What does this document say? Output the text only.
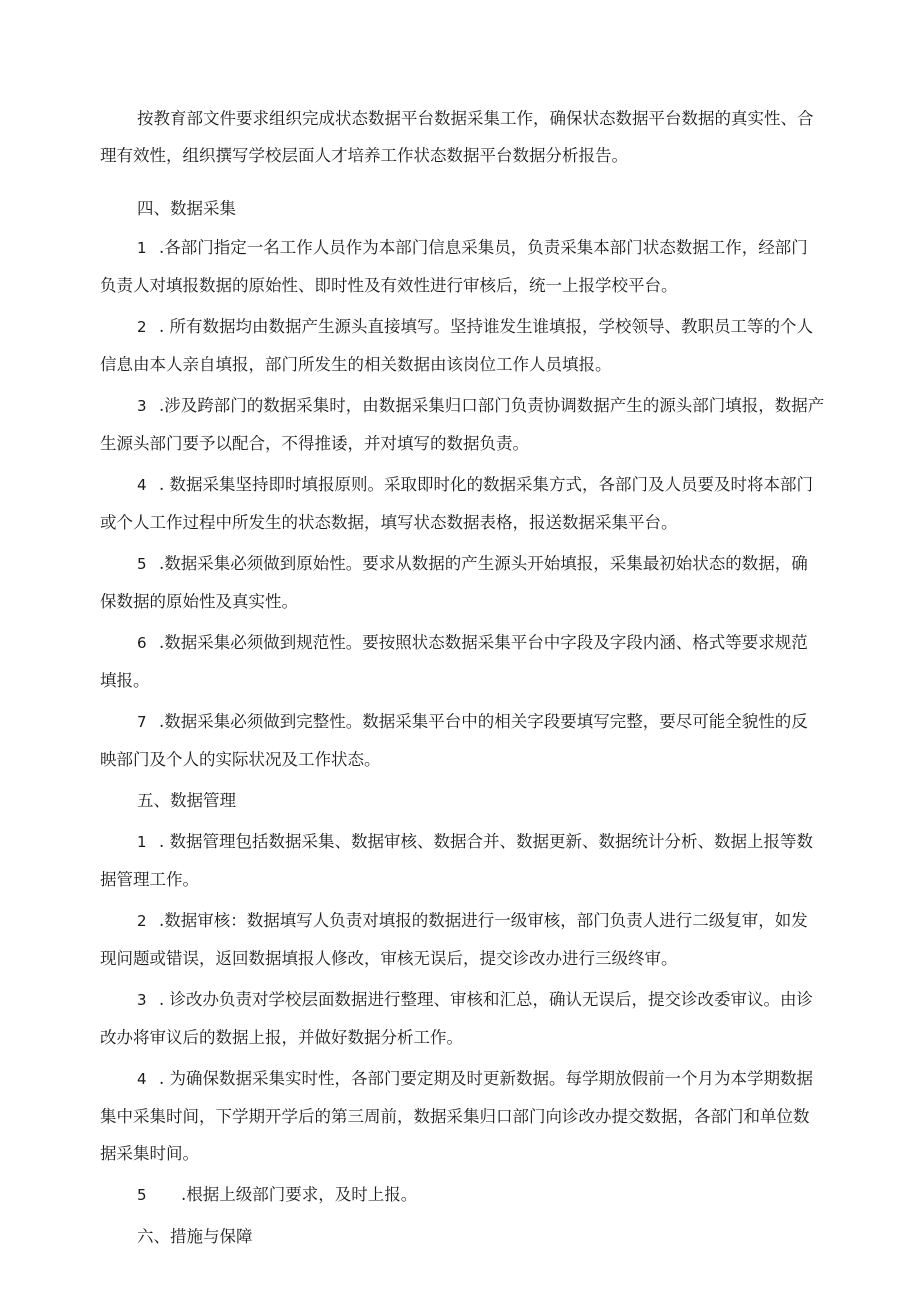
按教育部文件要求组织完成状态数据平台数据采集工作，确保状态数据平台数据的真实性、合

理有效性，组织撰写学校层面人才培养工作状态数据平台数据分析报告。

四、数据采集

1 .各部门指定一名工作人员作为本部门信息采集员，负责采集本部门状态数据工作，经部门
负责人对填报数据的原始性、即时性及有效性进行审核后，统一上报学校平台。
2 . 所有数据均由数据产生源头直接填写。坚持谁发生谁填报，学校领导、教职员工等的个人
信息由本人亲自填报，部门所发生的相关数据由该岗位工作人员填报。
3 .涉及跨部门的数据采集时，由数据采集归口部门负责协调数据产生的源头部门填报，数据产
生源头部门要予以配合，不得推诿，并对填写的数据负责。
4 . 数据采集坚持即时填报原则。采取即时化的数据采集方式，各部门及人员要及时将本部门
或个人工作过程中所发生的状态数据，填写状态数据表格，报送数据采集平台。
5 .数据采集必须做到原始性。要求从数据的产生源头开始填报，采集最初始状态的数据，确
保数据的原始性及真实性。
6 .数据采集必须做到规范性。要按照状态数据采集平台中字段及字段内涵、格式等要求规范
填报。
7 .数据采集必须做到完整性。数据采集平台中的相关字段要填写完整，要尽可能全貌性的反
映部门及个人的实际状况及工作状态。

五、数据管理

1 . 数据管理包括数据采集、数据审核、数据合并、数据更新、数据统计分析、数据上报等数
据管理工作。
2 .数据审核：数据填写人负责对填报的数据进行一级审核，部门负责人进行二级复审，如发
现问题或错误，返回数据填报人修改，审核无误后，提交诊改办进行三级终审。
3 . 诊改办负责对学校层面数据进行整理、审核和汇总，确认无误后，提交诊改委审议。由诊
改办将审议后的数据上报，并做好数据分析工作。
4 . 为确保数据采集实时性，各部门要定期及时更新数据。每学期放假前一个月为本学期数据
集中采集时间，下学期开学后的第三周前，数据采集归口部门向诊改办提交数据，各部门和单位数
据采集时间。
5 .根据上级部门要求，及时上报。

六、措施与保障
